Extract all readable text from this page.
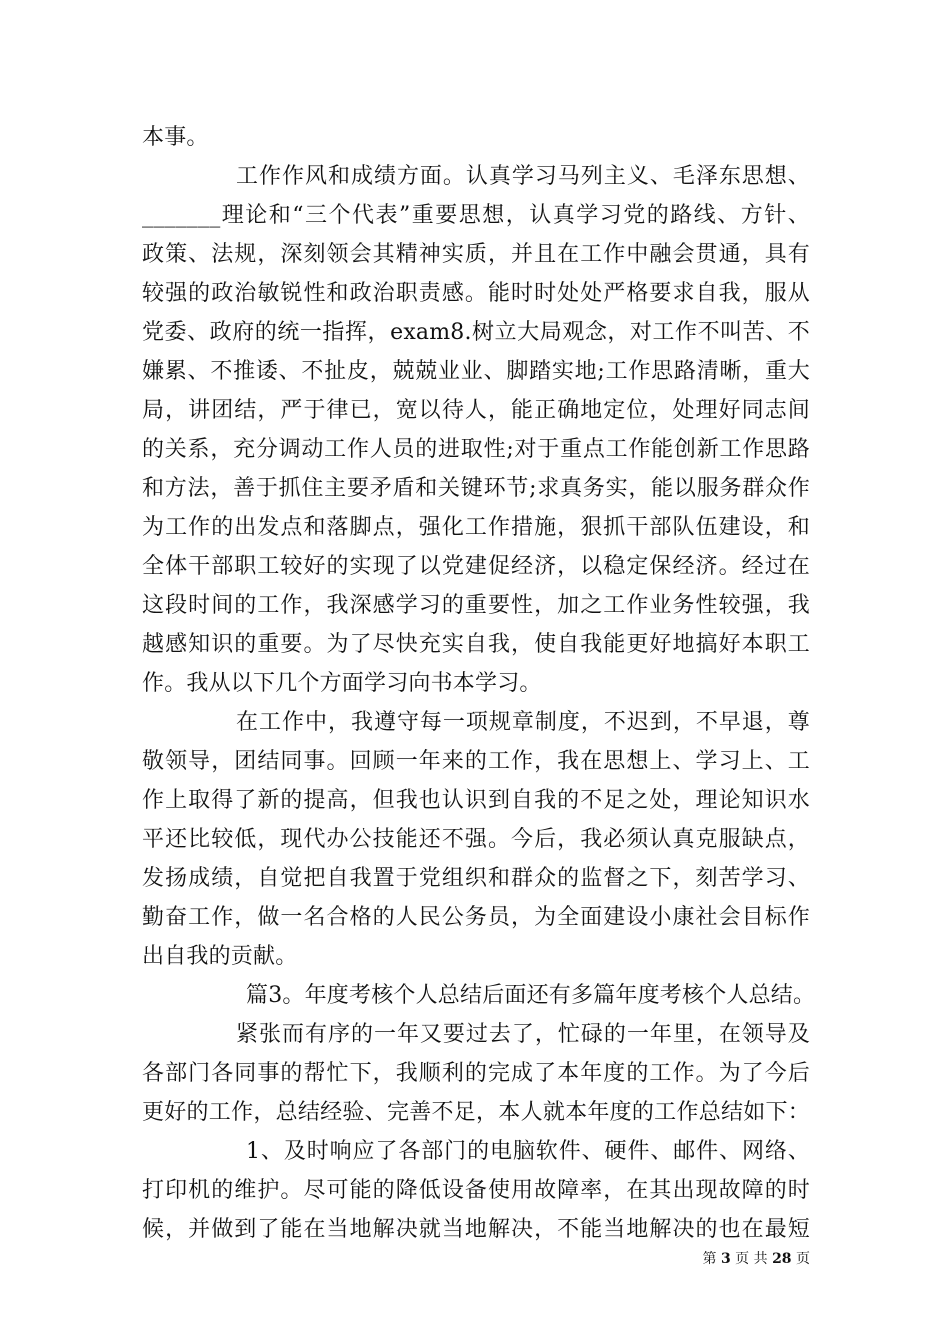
本事。
工作作风和成绩方面。认真学习马列主义、毛泽东思想、
_______理论和“三个代表”重要思想，认真学习党的路线、方针、
政策、法规，深刻领会其精神实质，并且在工作中融会贯通，具有
较强的政治敏锐性和政治职责感。能时时处处严格要求自我，服从
党委、政府的统一指挥，exam8.树立大局观念，对工作不叫苦、不
嫌累、不推诿、不扯皮，兢兢业业、脚踏实地;工作思路清晰，重大
局，讲团结，严于律已，宽以待人，能正确地定位，处理好同志间
的关系，充分调动工作人员的进取性;对于重点工作能创新工作思路
和方法，善于抓住主要矛盾和关键环节;求真务实，能以服务群众作
为工作的出发点和落脚点，强化工作措施，狠抓干部队伍建设，和
全体干部职工较好的实现了以党建促经济，以稳定保经济。经过在
这段时间的工作，我深感学习的重要性，加之工作业务性较强，我
越感知识的重要。为了尽快充实自我，使自我能更好地搞好本职工
作。我从以下几个方面学习向书本学习。
在工作中，我遵守每一项规章制度，不迟到，不早退，尊
敬领导，团结同事。回顾一年来的工作，我在思想上、学习上、工
作上取得了新的提高，但我也认识到自我的不足之处，理论知识水
平还比较低，现代办公技能还不强。今后，我必须认真克服缺点，
发扬成绩，自觉把自我置于党组织和群众的监督之下，刻苦学习、
勤奋工作，做一名合格的人民公务员，为全面建设小康社会目标作
出自我的贡献。
篇3。年度考核个人总结后面还有多篇年度考核个人总结。
紧张而有序的一年又要过去了，忙碌的一年里，在领导及
各部门各同事的帮忙下，我顺利的完成了本年度的工作。为了今后
更好的工作，总结经验、完善不足，本人就本年度的工作总结如下：
1、及时响应了各部门的电脑软件、硬件、邮件、网络、
打印机的维护。尽可能的降低设备使用故障率，在其出现故障的时
候，并做到了能在当地解决就当地解决，不能当地解决的也在最短
第 3 页 共 28 页
